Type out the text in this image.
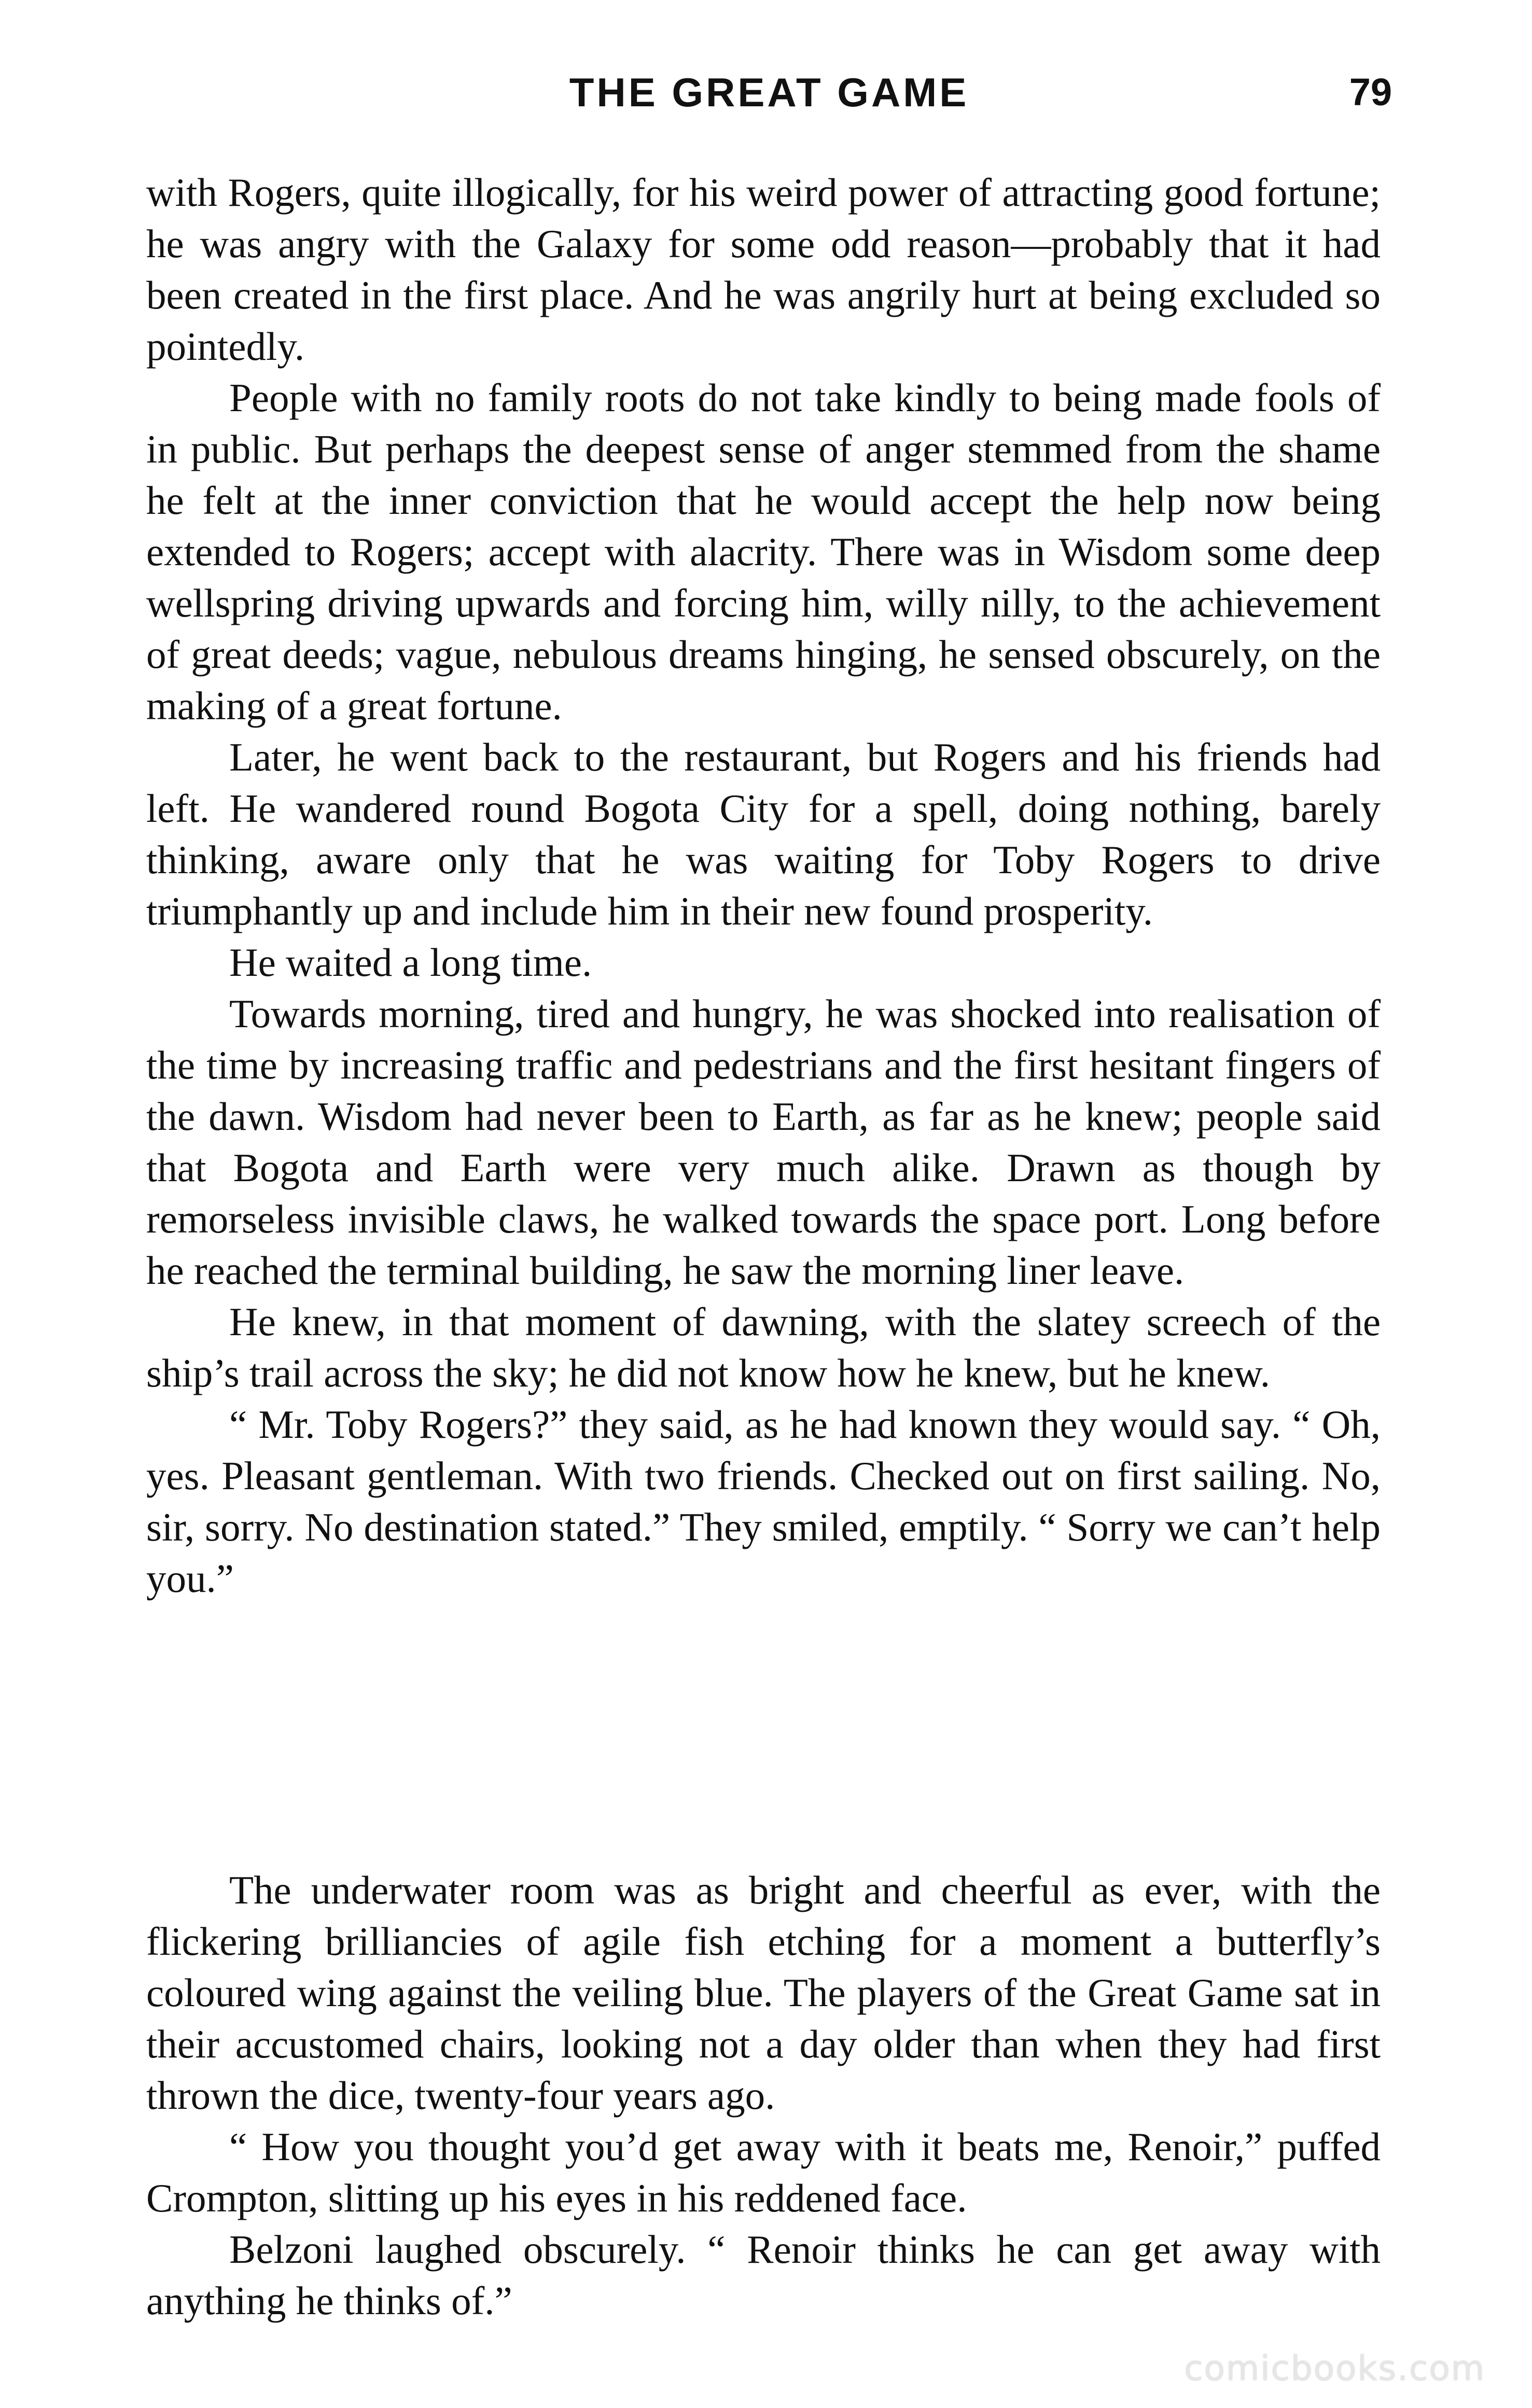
THE GREAT GAME	79

with Rogers, quite illogically, for his weird power of attracting good fortune; he was angry with the Galaxy for some odd reason—probably that it had been created in the first place. And he was angrily hurt at being excluded so pointedly.

People with no family roots do not take kindly to being made fools of in public. But perhaps the deepest sense of anger stemmed from the shame he felt at the inner conviction that he would accept the help now being extended to Rogers; accept with alacrity. There was in Wisdom some deep wellspring driving upwards and forcing him, willy nilly, to the achievement of great deeds; vague, nebulous dreams hinging, he sensed obscurely, on the making of a great fortune.

Later, he went back to the restaurant, but Rogers and his friends had left. He wandered round Bogota City for a spell, doing nothing, barely thinking, aware only that he was waiting for Toby Rogers to drive triumphantly up and include him in their new found prosperity.

He waited a long time.

Towards morning, tired and hungry, he was shocked into realisation of the time by increasing traffic and pedestrians and the first hesitant fingers of the dawn. Wisdom had never been to Earth, as far as he knew; people said that Bogota and Earth were very much alike. Drawn as though by remorseless invisible claws, he walked towards the space port. Long before he reached the terminal building, he saw the morning liner leave.

He knew, in that moment of dawning, with the slatey screech of the ship’s trail across the sky; he did not know how he knew, but he knew.

“ Mr. Toby Rogers?” they said, as he had known they would say. “ Oh, yes. Pleasant gentleman. With two friends. Checked out on first sailing. No, sir, sorry. No destination stated.” They smiled, emptily. “ Sorry we can’t help you.”

The underwater room was as bright and cheerful as ever, with the flickering brilliancies of agile fish etching for a moment a butterfly’s coloured wing against the veiling blue. The players of the Great Game sat in their accustomed chairs, looking not a day older than when they had first thrown the dice, twenty-four years ago.

“ How you thought you’d get away with it beats me, Renoir,” puffed Crompton, slitting up his eyes in his reddened face.

Belzoni laughed obscurely. “ Renoir thinks he can get away with anything he thinks of.”

comicbooks.com
